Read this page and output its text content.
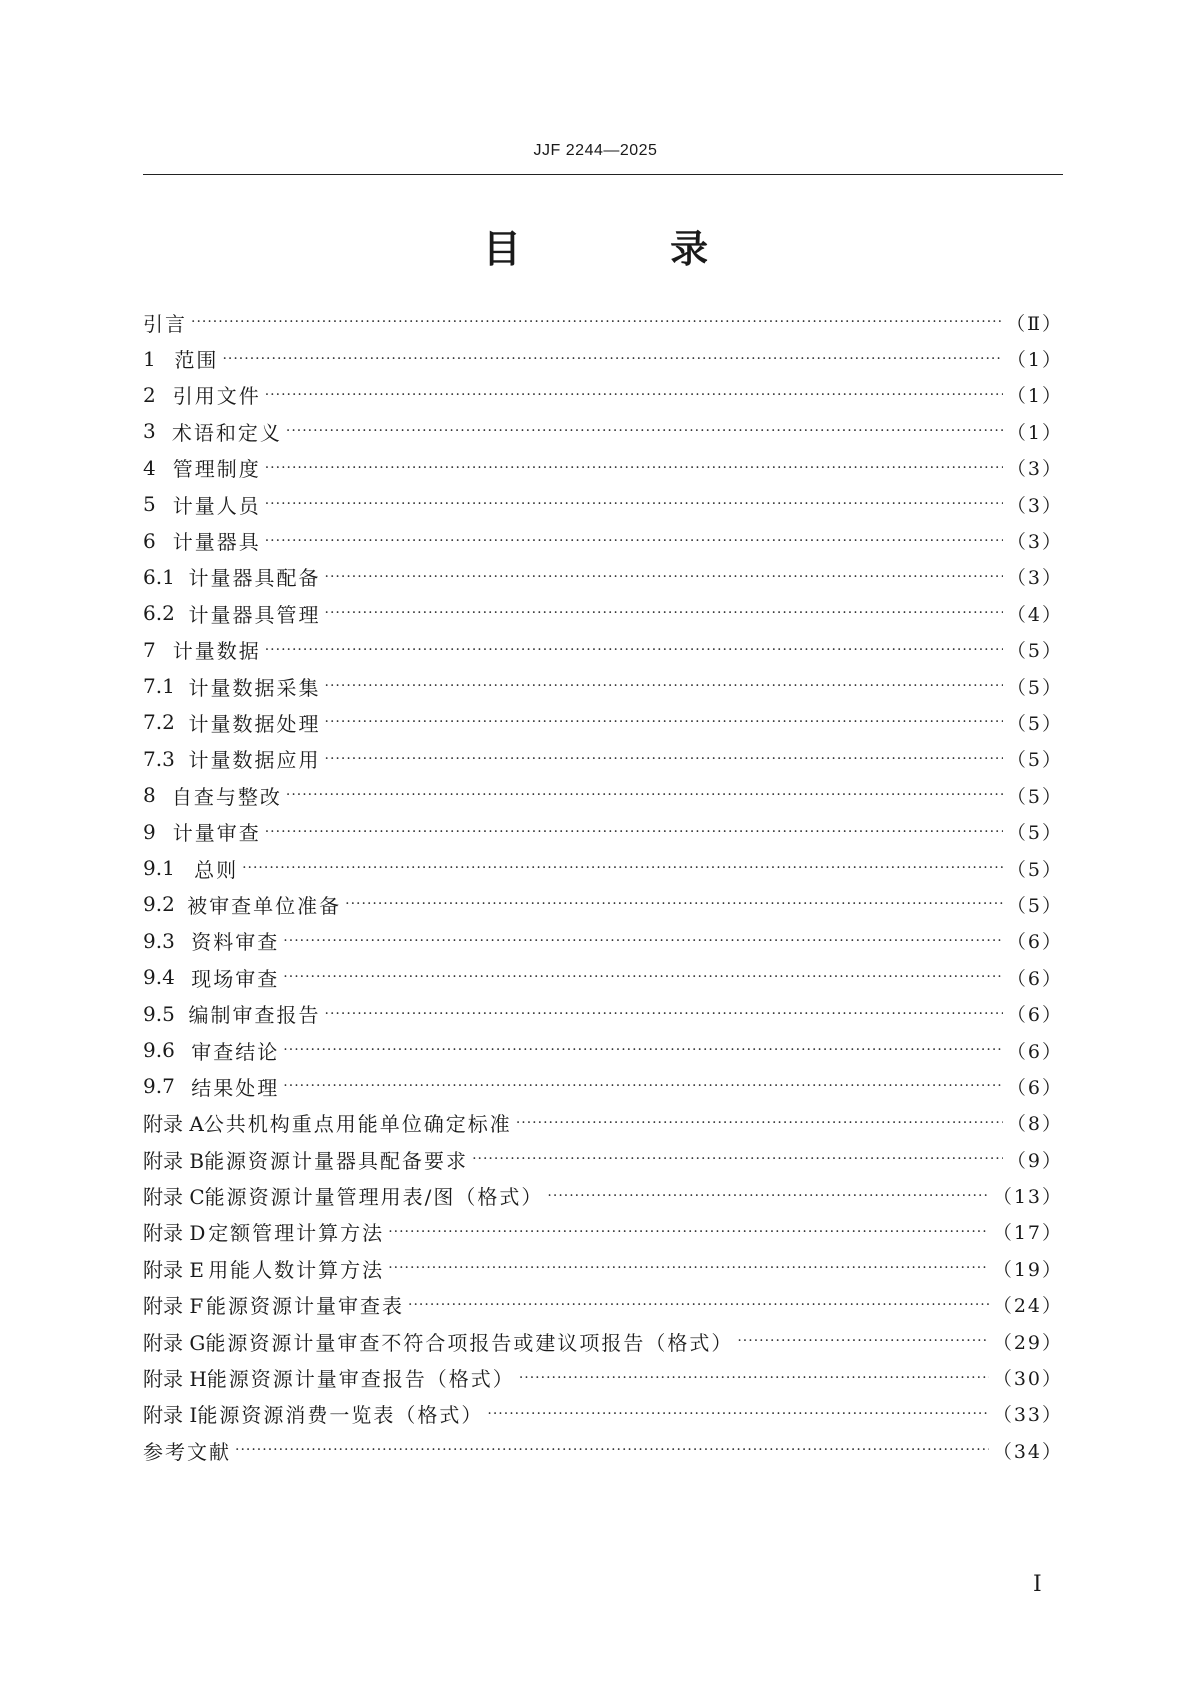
JJF 2244—2025
目 录
引言 ·····	（Ⅱ）
1 范围 ·····	（1）
2 引用文件 ·····	（1）
3 术语和定义 ·····	（1）
4 管理制度 ·····	（3）
5 计量人员 ·····	（3）
6 计量器具 ·····	（3）
6.1 计量器具配备 ·····	（3）
6.2 计量器具管理 ·····	（4）
7 计量数据 ·····	（5）
7.1 计量数据采集 ·····	（5）
7.2 计量数据处理 ·····	（5）
7.3 计量数据应用 ·····	（5）
8 自查与整改 ·····	（5）
9 计量审查 ·····	（5）
9.1 总则 ·····	（5）
9.2 被审查单位准备 ·····	（5）
9.3 资料审查 ·····	（6）
9.4 现场审查 ·····	（6）
9.5 编制审查报告 ·····	（6）
9.6 审查结论 ·····	（6）
9.7 结果处理 ·····	（6）
附录 A 公共机构重点用能单位确定标准 ·····	（8）
附录 B 能源资源计量器具配备要求 ·····	（9）
附录 C 能源资源计量管理用表/图（格式） ·····	（13）
附录 D 定额管理计算方法 ·····	（17）
附录 E 用能人数计算方法 ·····	（19）
附录 F 能源资源计量审查表 ·····	（24）
附录 G 能源资源计量审查不符合项报告或建议项报告（格式） ·····	（29）
附录 H 能源资源计量审查报告（格式） ·····	（30）
附录 I 能源资源消费一览表（格式） ·····	（33）
参考文献 ·····	（34）
Ⅰ
